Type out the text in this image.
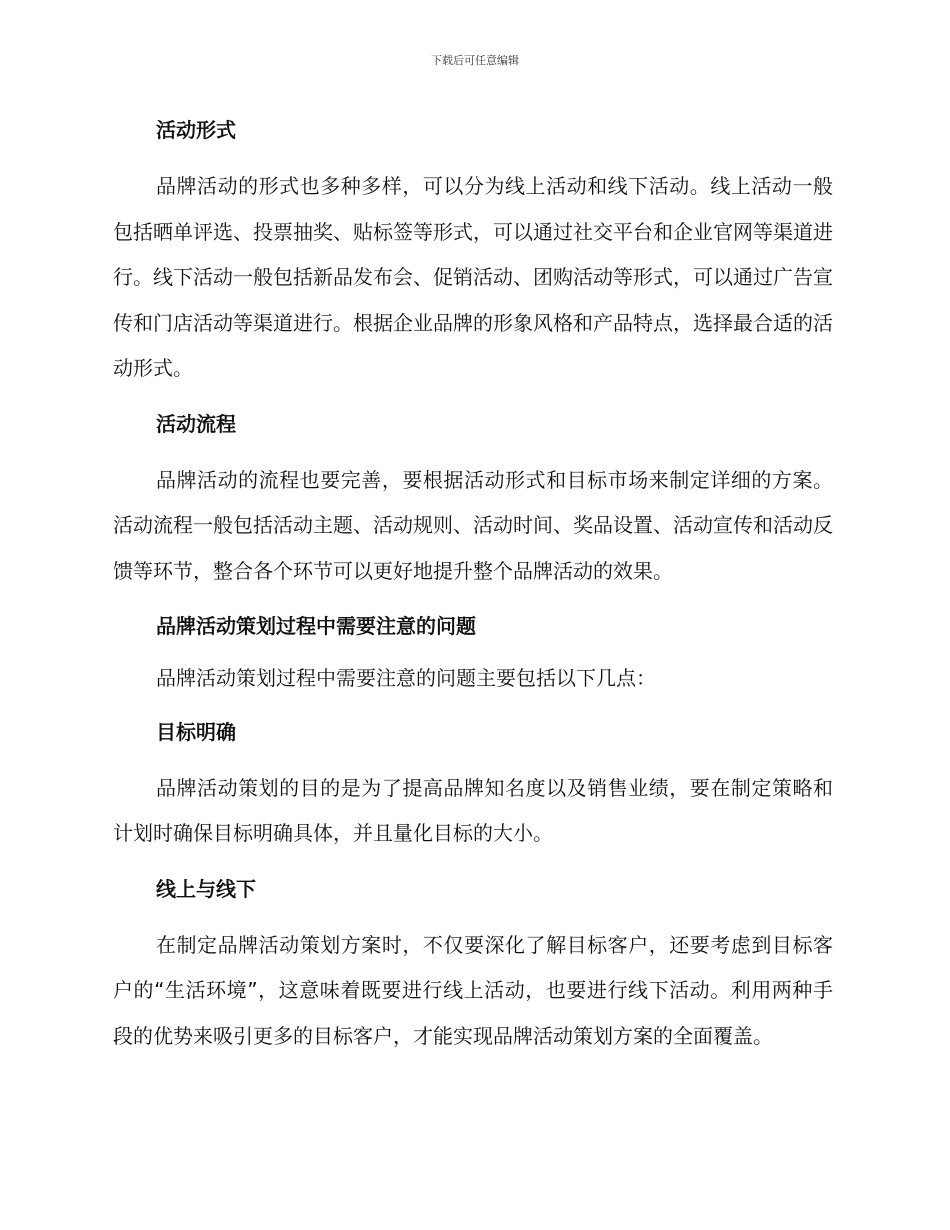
下载后可任意编辑
活动形式

品牌活动的形式也多种多样，可以分为线上活动和线下活动。线上活动一般包括晒单评选、投票抽奖、贴标签等形式，可以通过社交平台和企业官网等渠道进行。线下活动一般包括新品发布会、促销活动、团购活动等形式，可以通过广告宣传和门店活动等渠道进行。根据企业品牌的形象风格和产品特点，选择最合适的活动形式。

活动流程

品牌活动的流程也要完善，要根据活动形式和目标市场来制定详细的方案。活动流程一般包括活动主题、活动规则、活动时间、奖品设置、活动宣传和活动反馈等环节，整合各个环节可以更好地提升整个品牌活动的效果。

品牌活动策划过程中需要注意的问题

品牌活动策划过程中需要注意的问题主要包括以下几点：

目标明确

品牌活动策划的目的是为了提高品牌知名度以及销售业绩，要在制定策略和计划时确保目标明确具体，并且量化目标的大小。

线上与线下

在制定品牌活动策划方案时，不仅要深化了解目标客户，还要考虑到目标客户的“生活环境”，这意味着既要进行线上活动，也要进行线下活动。利用两种手段的优势来吸引更多的目标客户，才能实现品牌活动策划方案的全面覆盖。
